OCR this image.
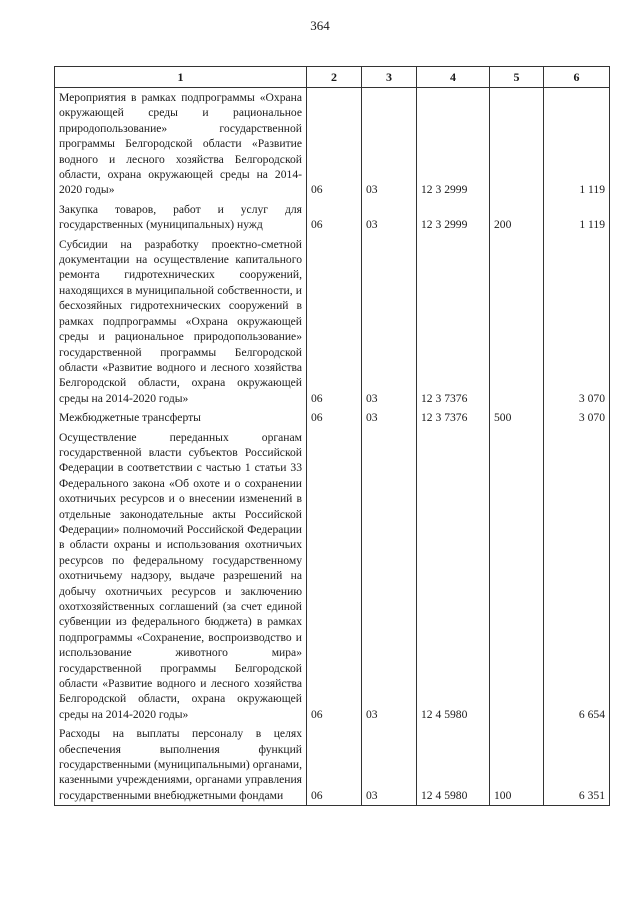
364
1	2	3	4	5	6
Мероприятия в рамках подпрограммы «Охрана окружающей среды и рациональное природопользование» государственной программы Белгородской области «Развитие водного и лесного хозяйства Белгородской области, охрана окружающей среды на 2014-2020 годы»	06	03	12 3 2999		1 119
Закупка товаров, работ и услуг для государственных (муниципальных) нужд	06	03	12 3 2999	200	1 119
Субсидии на разработку проектно-сметной документации на осуществление капитального ремонта гидротехнических сооружений, находящихся в муниципальной собственности, и бесхозяйных гидротехнических сооружений в рамках подпрограммы «Охрана окружающей среды и рациональное природопользование» государственной программы Белгородской области «Развитие водного и лесного хозяйства Белгородской области, охрана окружающей среды на 2014-2020 годы»	06	03	12 3 7376		3 070
Межбюджетные трансферты	06	03	12 3 7376	500	3 070
Осуществление переданных органам государственной власти субъектов Российской Федерации в соответствии с частью 1 статьи 33 Федерального закона «Об охоте и о сохранении охотничьих ресурсов и о внесении изменений в отдельные законодательные акты Российской Федерации» полномочий Российской Федерации в области охраны и использования охотничьих ресурсов по федеральному государственному охотничьему надзору, выдаче разрешений на добычу охотничьих ресурсов и заключению охотхозяйственных соглашений (за счет единой субвенции из федерального бюджета) в рамках подпрограммы «Сохранение, воспроизводство и использование животного мира» государственной программы Белгородской области «Развитие водного и лесного хозяйства Белгородской области, охрана окружающей среды на 2014-2020 годы»	06	03	12 4 5980		6 654
Расходы на выплаты персоналу в целях обеспечения выполнения функций государственными (муниципальными) органами, казенными учреждениями, органами управления государственными внебюджетными фондами	06	03	12 4 5980	100	6 351
